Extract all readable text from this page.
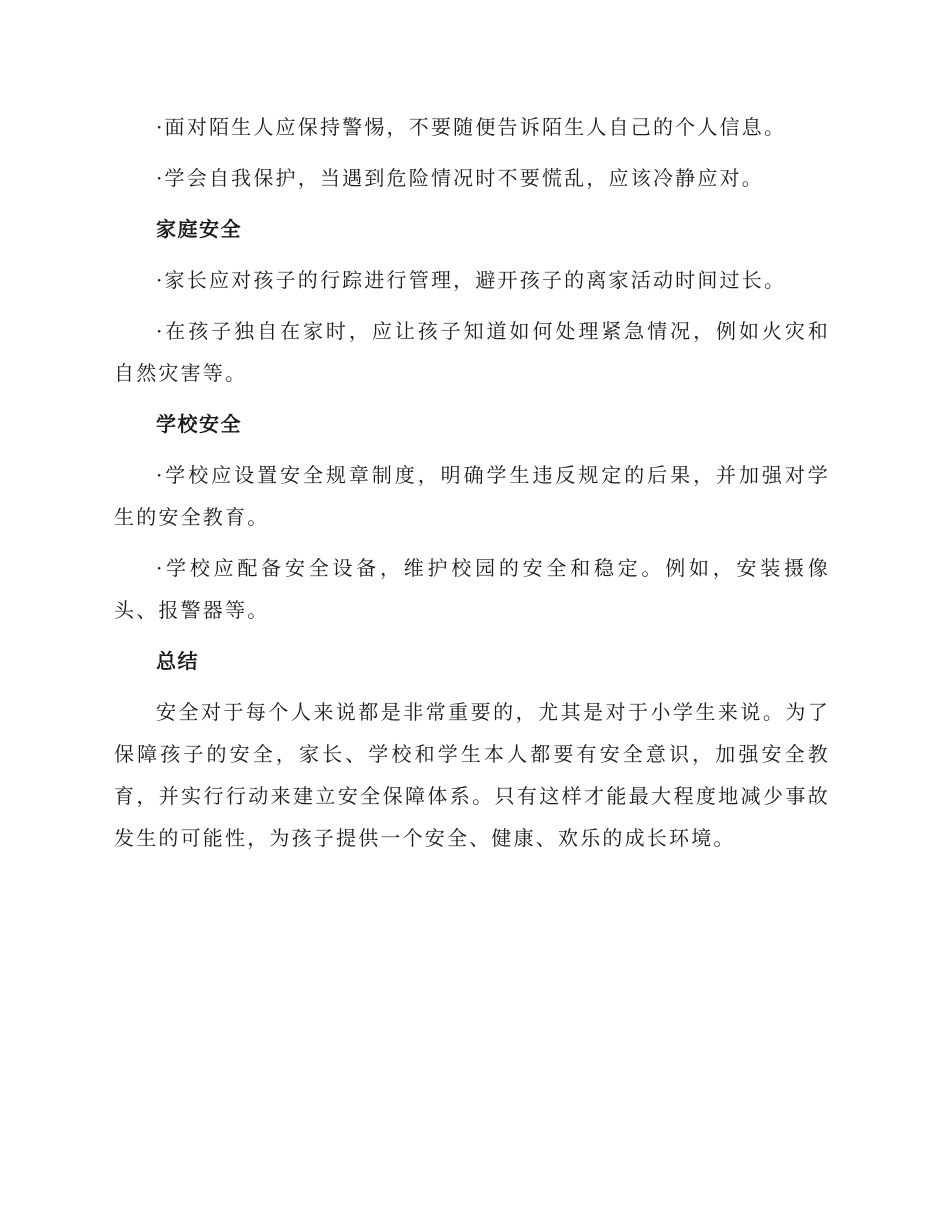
·面对陌生人应保持警惕，不要随便告诉陌生人自己的个人信息。

·学会自我保护，当遇到危险情况时不要慌乱，应该冷静应对。

家庭安全

·家长应对孩子的行踪进行管理，避开孩子的离家活动时间过长。

·在孩子独自在家时，应让孩子知道如何处理紧急情况，例如火灾和自然灾害等。

学校安全

·学校应设置安全规章制度，明确学生违反规定的后果，并加强对学生的安全教育。

·学校应配备安全设备，维护校园的安全和稳定。例如，安装摄像头、报警器等。

总结

安全对于每个人来说都是非常重要的，尤其是对于小学生来说。为了保障孩子的安全，家长、学校和学生本人都要有安全意识，加强安全教育，并实行行动来建立安全保障体系。只有这样才能最大程度地减少事故发生的可能性，为孩子提供一个安全、健康、欢乐的成长环境。
